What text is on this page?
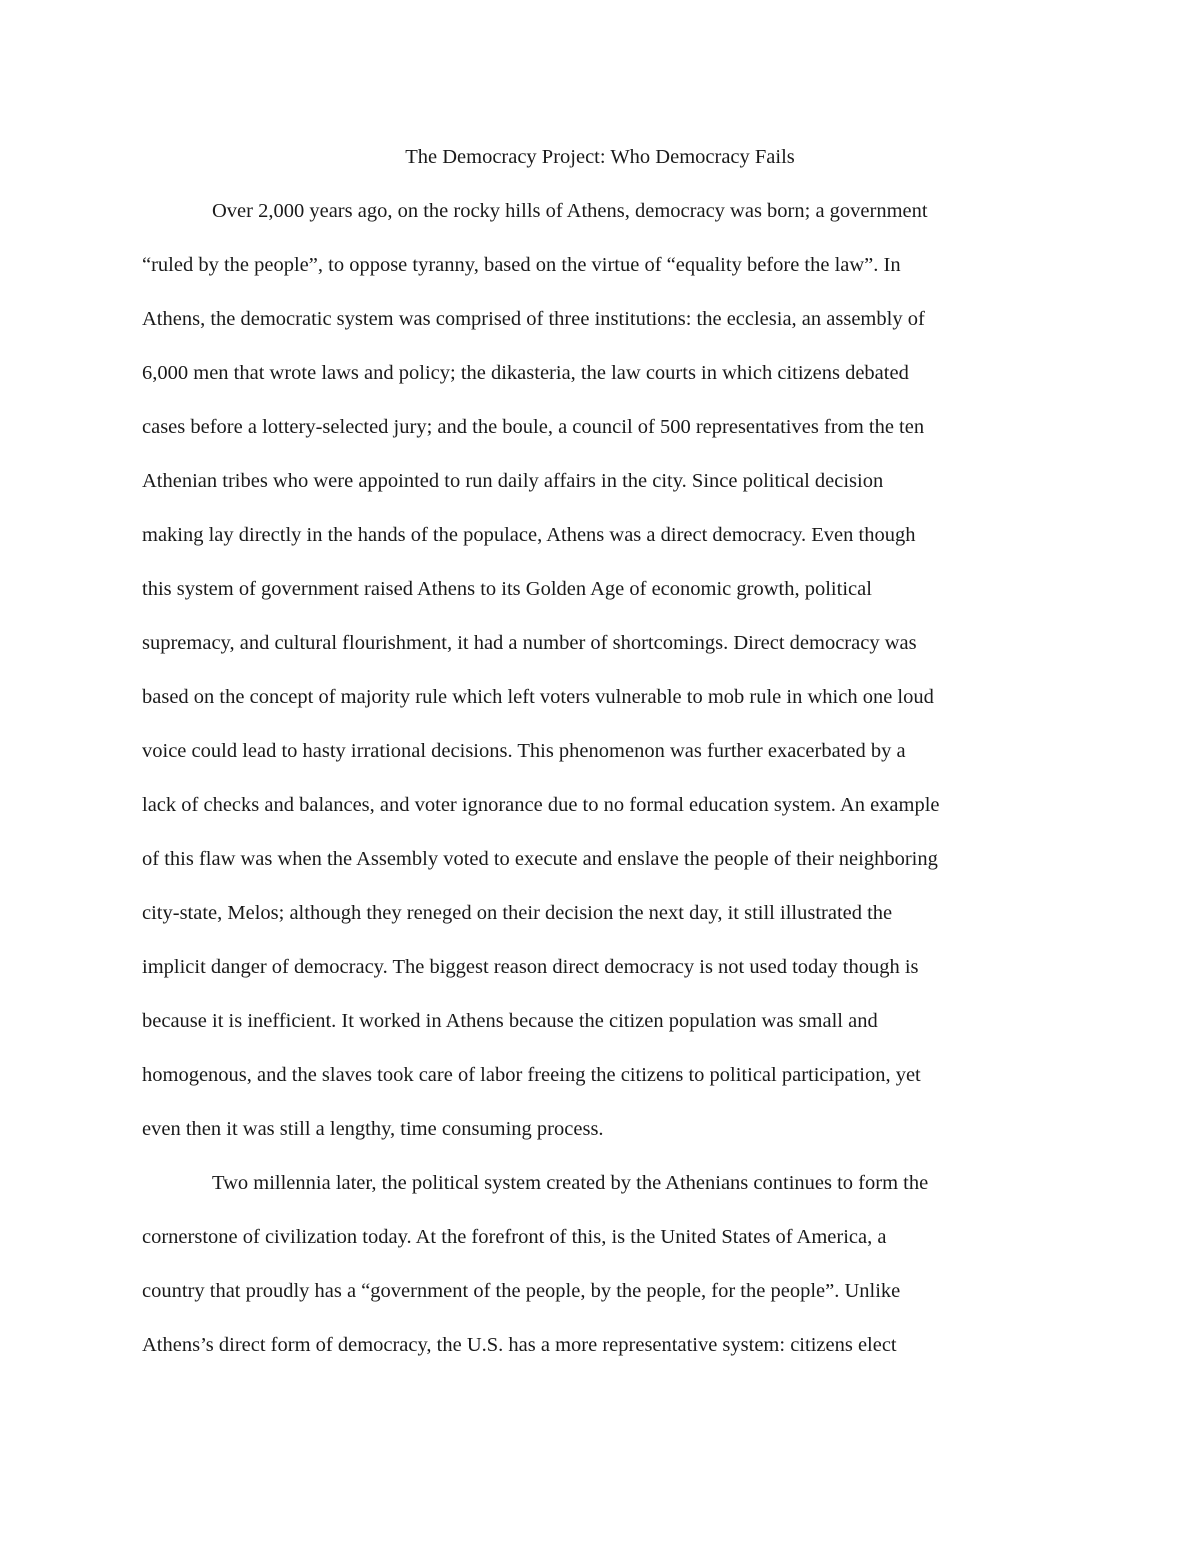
The Democracy Project: Who Democracy Fails
Over 2,000 years ago, on the rocky hills of Athens, democracy was born; a government
“ruled by the people”, to oppose tyranny, based on the virtue of “equality before the law”. In
Athens, the democratic system was comprised of three institutions: the ecclesia, an assembly of
6,000 men that wrote laws and policy; the dikasteria, the law courts in which citizens debated
cases before a lottery-selected jury; and the boule, a council of 500 representatives from the ten
Athenian tribes who were appointed to run daily affairs in the city. Since political decision
making lay directly in the hands of the populace, Athens was a direct democracy. Even though
this system of government raised Athens to its Golden Age of economic growth, political
supremacy, and cultural flourishment, it had a number of shortcomings. Direct democracy was
based on the concept of majority rule which left voters vulnerable to mob rule in which one loud
voice could lead to hasty irrational decisions. This phenomenon was further exacerbated by a
lack of checks and balances, and voter ignorance due to no formal education system. An example
of this flaw was when the Assembly voted to execute and enslave the people of their neighboring
city-state, Melos; although they reneged on their decision the next day, it still illustrated the
implicit danger of democracy. The biggest reason direct democracy is not used today though is
because it is inefficient. It worked in Athens because the citizen population was small and
homogenous, and the slaves took care of labor freeing the citizens to political participation, yet
even then it was still a lengthy, time consuming process.
Two millennia later, the political system created by the Athenians continues to form the
cornerstone of civilization today. At the forefront of this, is the United States of America, a
country that proudly has a “government of the people, by the people, for the people”. Unlike
Athens’s direct form of democracy, the U.S. has a more representative system: citizens elect
